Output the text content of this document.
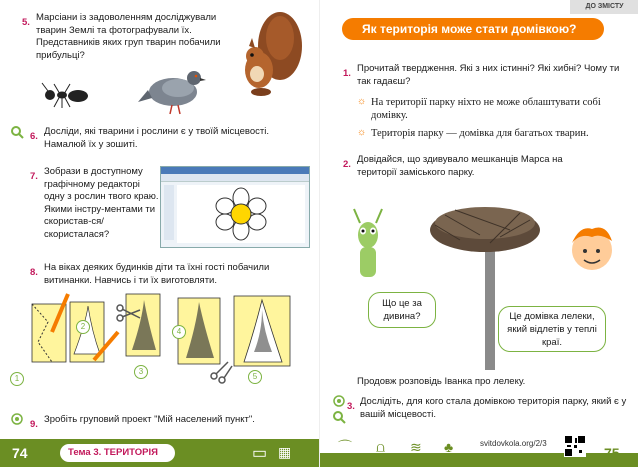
5. Марсіани із задоволенням досліджували тварин Землі та фотографували їх. Представників яких груп тварин побачили прибульці?
6. Досліди, які тварини і рослини є у твоїй місцевості. Намалюй їх у зошиті.
7. Зобрази в доступному графічному редакторі одну з рослин твого краю. Якими інстру-ментами ти скористав-ся/скористалася?
8. На віках деяких будинків діти та їхні гості побачили витинанки. Навчись і ти їх виготовляти.
1
2
3
4
5
9. Зробіть груповий проект "Мій населений пункт".
74	Тема 3. ТЕРИТОРІЯ	▭ ▦
ДО ЗМІСТУ
Як територія може стати домівкою?
1. Прочитай твердження. Які з них істинні? Які хибні? Чому ти так гадаєш?
☼ На території парку ніхто не може облаштувати собі домівку.
☼ Територія парку — домівка для багатьох тварин.
2. Довідайся, що здивувало мешканців Марса на території заміського парку.
Що це за дивина?	Це домівка лелеки, який відлетів у теплі краї.
Продовж розповідь Іванка про лелеку.
3. Дослідіть, для кого стала домівкою територія парку, який є у вашій місцевості.
⌒ ⩍ ≋ ♣	svitdovkola.org/2/3
75
